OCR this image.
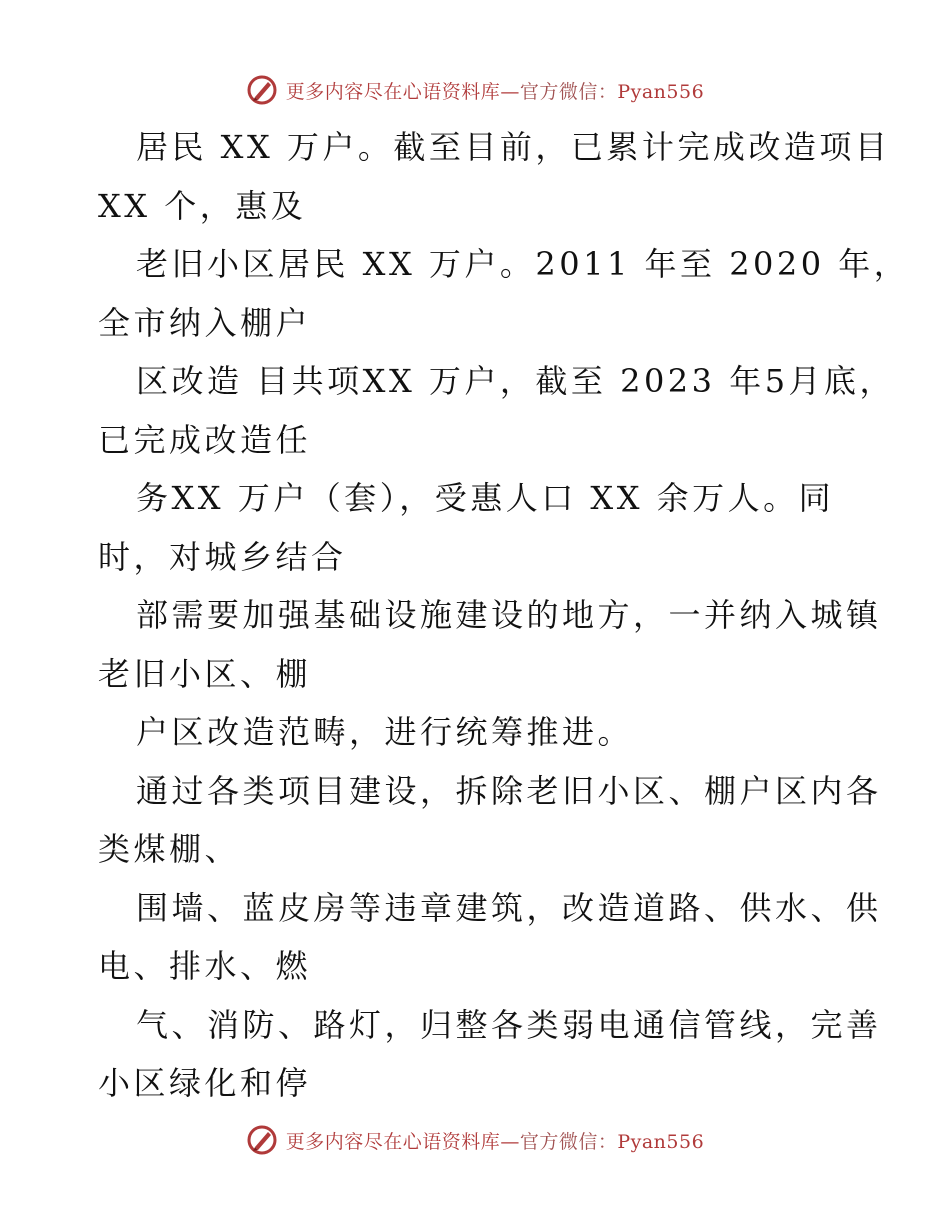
更多内容尽在心语资料库—官方微信：Pyan556
居民 XX 万户。截至目前，已累计完成改造项目
XX 个，惠及
老旧小区居民 XX 万户。2011 年至 2020 年，
全市纳入棚户
区改造 目共项XX 万户，截至 2023 年5月底，
已完成改造任
务XX 万户（套），受惠人口 XX 余万人。同
时，对城乡结合
部需要加强基础设施建设的地方，一并纳入城镇
老旧小区、棚
户区改造范畴，进行统筹推进。
通过各类项目建设，拆除老旧小区、棚户区内各
类煤棚、
围墙、蓝皮房等违章建筑，改造道路、供水、供
电、排水、燃
气、消防、路灯，归整各类弱电通信管线，完善
小区绿化和停
更多内容尽在心语资料库—官方微信：Pyan556
